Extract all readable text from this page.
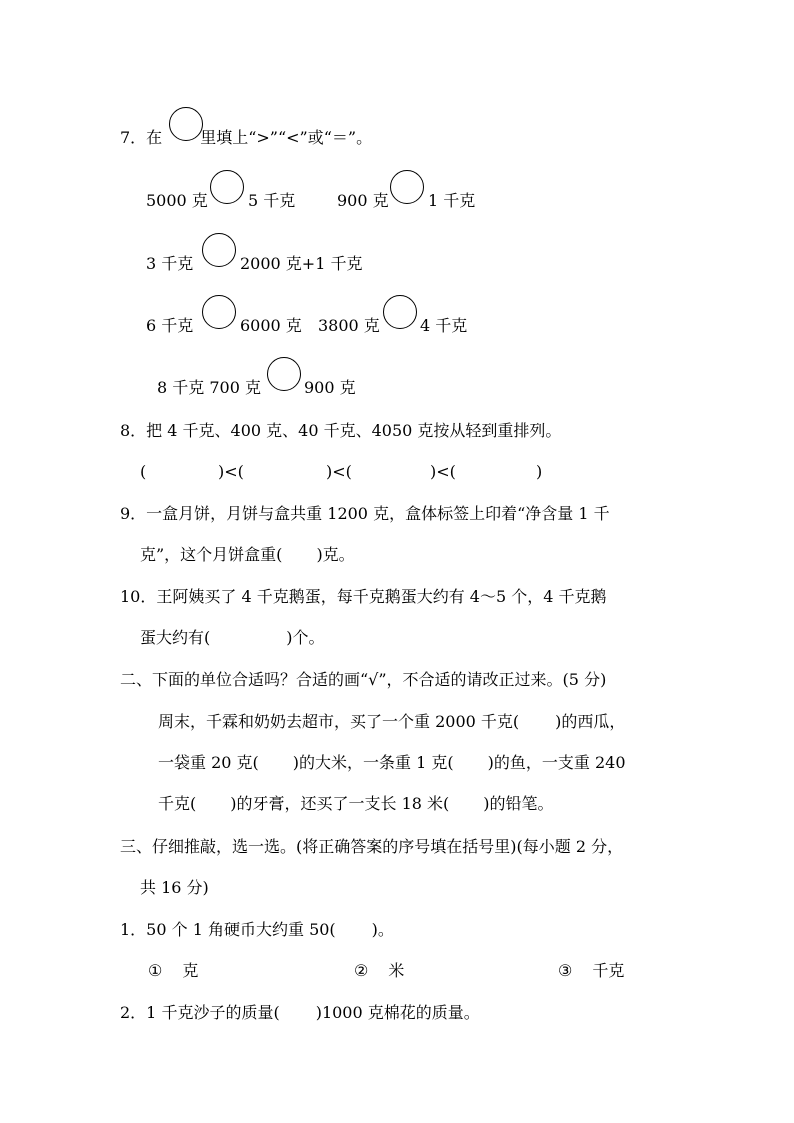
7．在 里填上“>”“<”或“＝”。
5000 克	5 千克	900 克 1 千克
3 千克	2000 克+1 千克
6 千克	6000 克 3800 克	4 千克
8 千克 700 克	900 克
8．把 4 千克、400 克、40 千克、4050 克按从轻到重排列。
(	)<(	)<(	)<(	)
9．一盒月饼，月饼与盒共重 1200 克，盒体标签上印着“净含量 1 千
克”，这个月饼盒重( )克。
10．王阿姨买了 4 千克鹅蛋，每千克鹅蛋大约有 4～5 个，4 千克鹅
蛋大约有(	)个。
二、下面的单位合适吗？合适的画“√”，不合适的请改正过来。(5 分)
周末，千霖和奶奶去超市，买了一个重 2000 千克( )的西瓜，
一袋重 20 克( )的大米，一条重 1 克( )的鱼，一支重 240
千克( )的牙膏，还买了一支长 18 米( )的铅笔。
三、仔细推敲，选一选。(将正确答案的序号填在括号里)(每小题 2 分，
共 16 分)
1．50 个 1 角硬币大约重 50( )。
① 克	② 米	③ 千克
2．1 千克沙子的质量( )1000 克棉花的质量。
